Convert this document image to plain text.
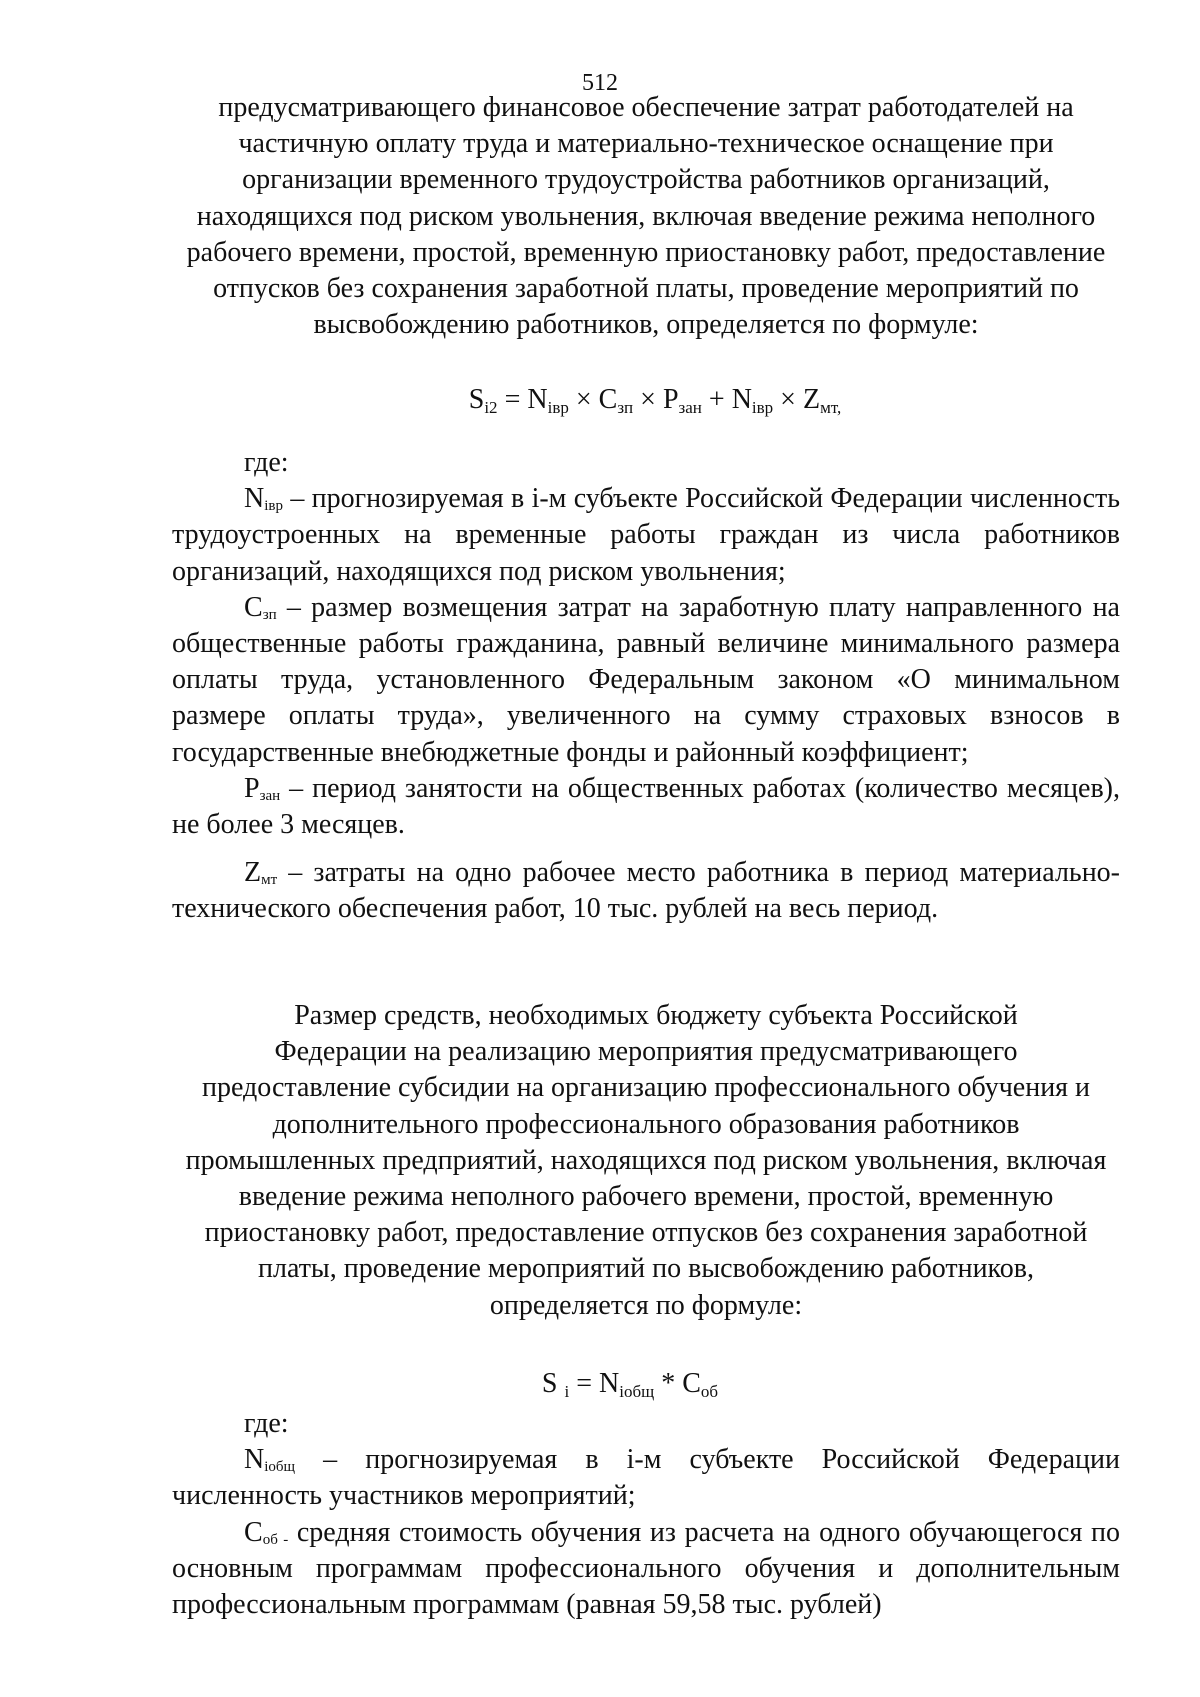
512
предусматривающего финансовое обеспечение затрат работодателей на
частичную оплату труда и материально-техническое оснащение при
организации временного трудоустройства работников организаций,
находящихся под риском увольнения, включая введение режима неполного
рабочего времени, простой, временную приостановку работ, предоставление
отпусков без сохранения заработной платы, проведение мероприятий по
высвобождению работников, определяется по формуле:
$S_{i2} = N_{iвр} \times С_{зп} \times Р_{зан} + N_{iвр} \times Z_{мт,}$

где:

Niвр – прогнозируемая в i-м субъекте Российской Федерации численность трудоустроенных на временные работы граждан из числа работников организаций, находящихся под риском увольнения;

Сзп – размер возмещения затрат на заработную плату направленного на общественные работы гражданина, равный величине минимального размера оплаты труда, установленного Федеральным законом «О минимальном размере оплаты труда», увеличенного на сумму страховых взносов в государственные внебюджетные фонды и районный коэффициент;

Рзан – период занятости на общественных работах (количество месяцев), не более 3 месяцев.

Zмт – затраты на одно рабочее место работника в период материально-технического обеспечения работ, 10 тыс. рублей на весь период.

Размер средств, необходимых бюджету субъекта Российской
Федерации на реализацию мероприятия предусматривающего
предоставление субсидии на организацию профессионального обучения и
дополнительного профессионального образования работников
промышленных предприятий, находящихся под риском увольнения, включая
введение режима неполного рабочего времени, простой, временную
приостановку работ, предоставление отпусков без сохранения заработной
платы, проведение мероприятий по высвобождению работников,
определяется по формуле:
S $_i = N_{iобщ} * С_{об}$

где:

Niобщ – прогнозируемая в i-м субъекте Российской Федерации численность участников мероприятий;

Соб - средняя стоимость обучения из расчета на одного обучающегося по основным программам профессионального обучения и дополнительным профессиональным программам (равная 59,58 тыс. рублей)
